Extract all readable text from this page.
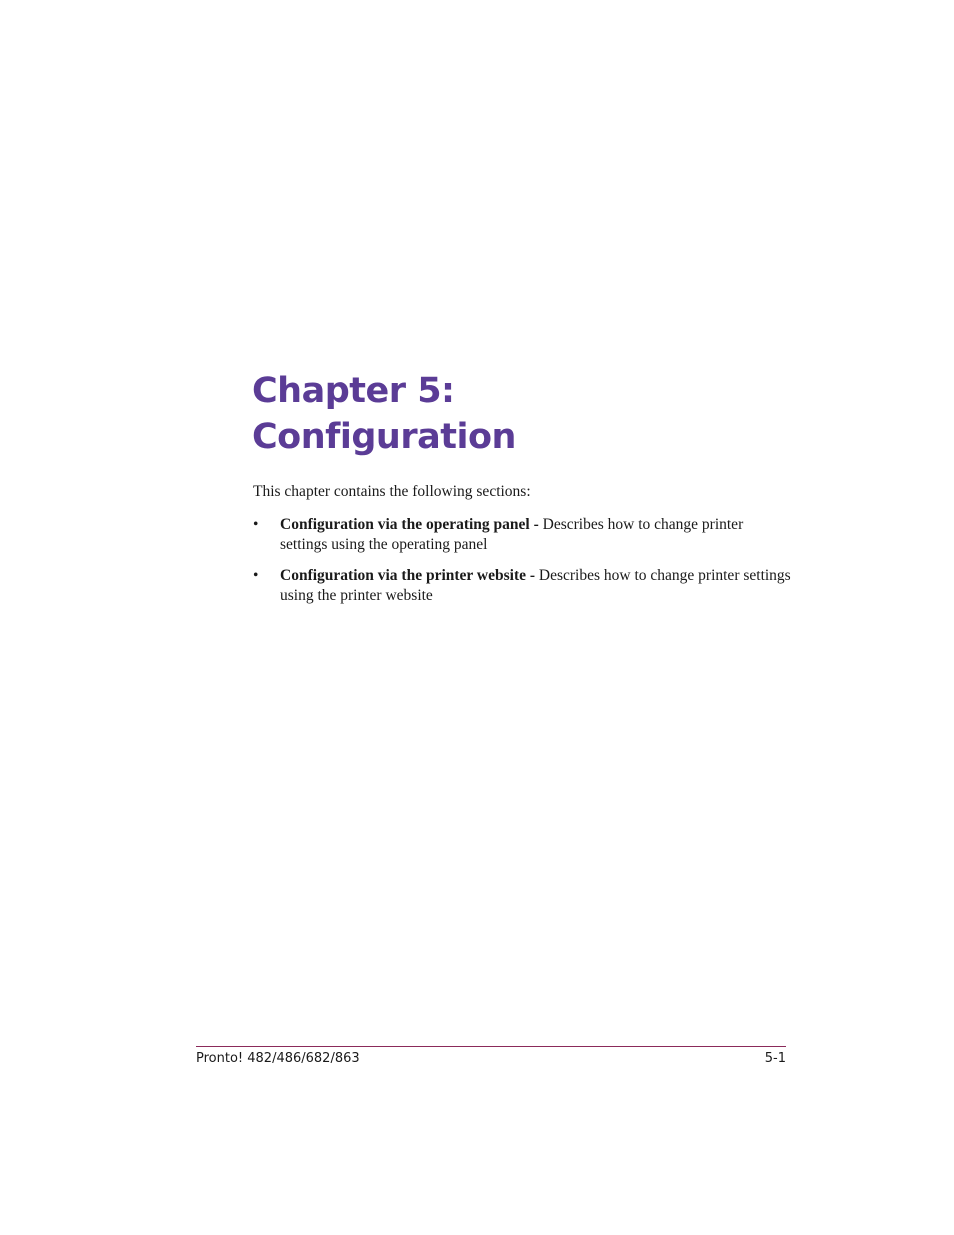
Chapter 5:
Configuration

This chapter contains the following sections:

• Configuration via the operating panel - Describes how to change printer settings using the operating panel
• Configuration via the printer website - Describes how to change printer settings using the printer website
Pronto! 482/486/682/863	5-1
